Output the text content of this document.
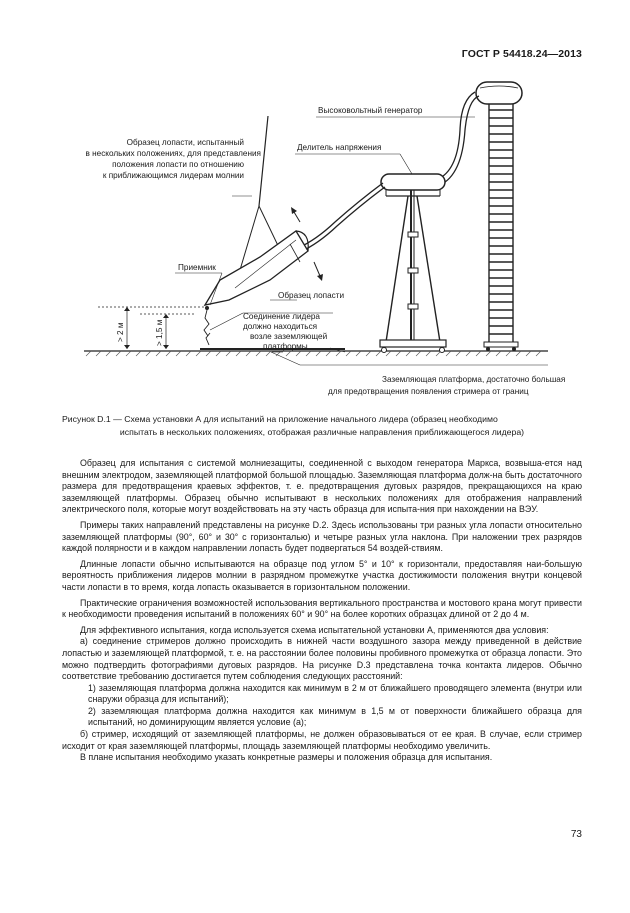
ГОСТ Р 54418.24—2013
> 2 м	> 1,5 м
Высоковольтный генератор
Делитель напряжения
Образец лопасти, испытанный
в нескольких положениях, для представления
положения лопасти по отношению
к приближающимся лидерам молнии
Приемник
Образец лопасти
Соединение лидера
должно находиться
возле заземляющей
платформы
Заземляющая платформа, достаточно большая
для предотвращения появления стримера от границ
Рисунок D.1 — Схема установки А для испытаний на приложение начального лидера (образец необходимо
испытать в нескольких положениях, отображая различные направления приближающегося лидера)

Образец для испытания с системой молниезащиты, соединенной с выходом генератора Маркса, возвыша-ется над внешним электродом, заземляющей платформой большой площадью. Заземляющая платформа долж-на быть достаточного размера для предотвращения краевых эффектов, т. е. предотвращения дуговых разрядов, прекращающихся на краю заземляющей платформы. Образец обычно испытывают в нескольких положениях для отображения направлений электрического поля, которые могут воздействовать на эту часть образца для испыта-ния при нахождении на ВЭУ.

Примеры таких направлений представлены на рисунке D.2. Здесь использованы три разных угла лопасти относительно заземляющей платформы (90°, 60° и 30° с горизонталью) и четыре разных угла наклона. При наложении трех разрядов каждой полярности и в каждом направлении лопасть будет подвергаться 54 воздей-ствиям.

Длинные лопасти обычно испытываются на образце под углом 5° и 10° к горизонтали, предоставляя наи-большую вероятность приближения лидеров молнии в разрядном промежутке участка достижимости положения внутри концевой части лопасти в то время, когда лопасть оказывается в горизонтальном положении.

Практические ограничения возможностей использования вертикального пространства и мостового крана могут привести к необходимости проведения испытаний в положениях 60° и 90° на более коротких образцах длиной от 2 до 4 м.

Для эффективного испытания, когда используется схема испытательной установки А, применяются два условия:

а) соединение стримеров должно происходить в нижней части воздушного зазора между приведенной в действие лопастью и заземляющей платформой, т. е. на расстоянии более половины пробивного промежутка от образца лопасти. Это можно подтвердить фотографиями дуговых разрядов. На рисунке D.3 представлена точка контакта лидеров. Обычно соответствие требованию достигается путем соблюдения следующих расстояний:

1) заземляющая платформа должна находится как минимум в 2 м от ближайшего проводящего элемента (внутри или снаружи образца для испытаний);

2) заземляющая платформа должна находится как минимум в 1,5 м от поверхности ближайшего образца для испытаний, но доминирующим является условие (а);

б) стример, исходящий от заземляющей платформы, не должен образовываться от ее края. В случае, если стример исходит от края заземляющей платформы, площадь заземляющей платформы необходимо увеличить.

В плане испытания необходимо указать конкретные размеры и положения образца для испытания.

73
